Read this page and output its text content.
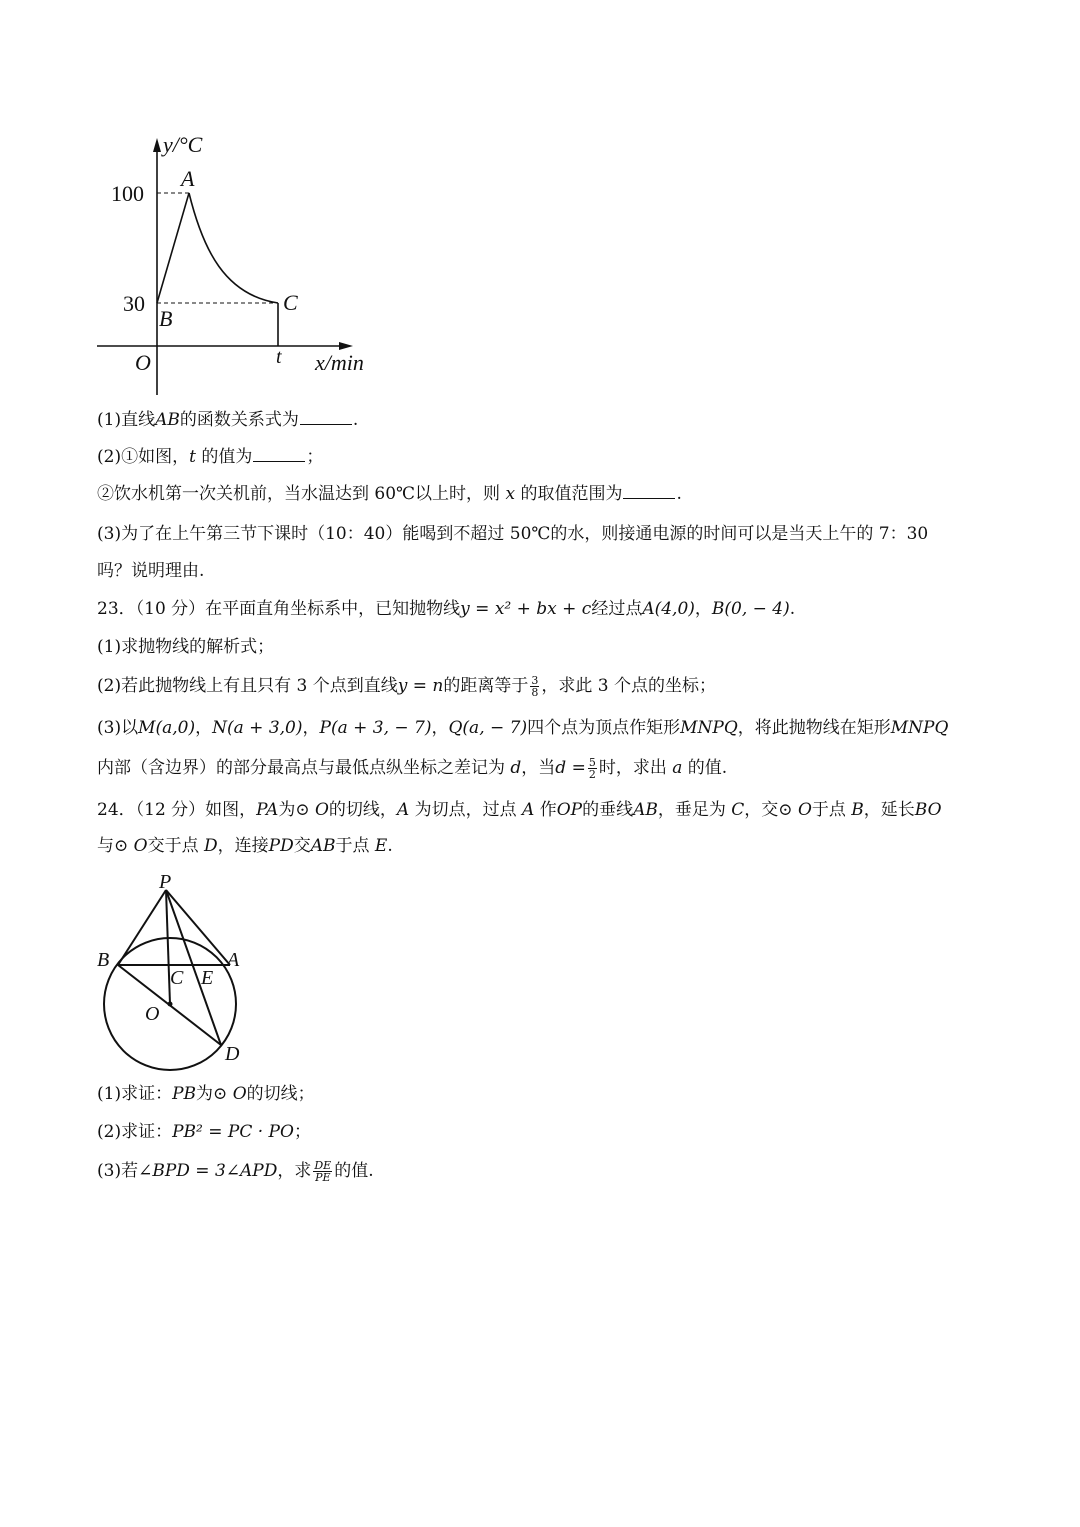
y/°C
x/min
O
100
30
A
B
C
t
(1)直线AB的函数关系式为	.
(2)①如图，t 的值为	；
②饮水机第一次关机前，当水温达到 60℃以上时，则 x 的取值范围为	.
(3)为了在上午第三节下课时（10：40）能喝到不超过 50℃的水，则接通电源的时间可以是当天上午的 7：30
吗？说明理由.
23．（10 分）在平面直角坐标系中，已知抛物线y = x² + bx + c经过点A(4,0)，B(0, − 4).
(1)求抛物线的解析式；
(2)若此抛物线上有且只有 3 个点到直线y = n的距离等于 $\frac{3}{8}$ ，求此 3 个点的坐标；
(3)以M(a,0)，N(a + 3,0)，P(a + 3, − 7)，Q(a, − 7)四个点为顶点作矩形MNPQ，将此抛物线在矩形MNPQ
内部（含边界）的部分最高点与最低点纵坐标之差记为 d，当$d = \frac{5}{2}$ 时，求出 a 的值.
24．（12 分）如图，PA为⊙ O的切线，A 为切点，过点 A 作OP的垂线AB，垂足为 C，交⊙ O于点 B，延长BO
与⊙ O交于点 D，连接PD交AB于点 E.
P
B	A
C E
O
D
(1)求证：PB为⊙ O的切线；
(2)求证：PB² = PC · PO；
(3)若∠BPD = 3∠APD，求 $\frac{DE}{PE}$ 的值.
